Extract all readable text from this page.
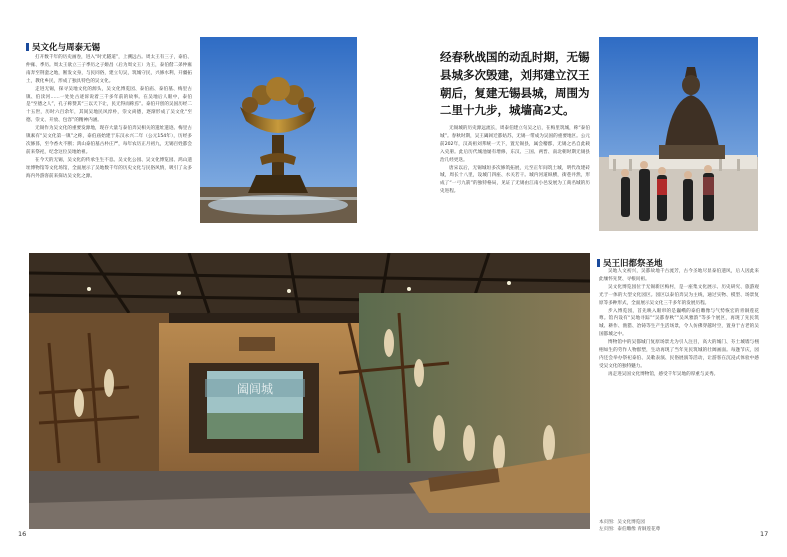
吴文化与周泰无锡
打开数千年的历史画卷，进入“时光隧道”，上溯远古。周太王有三子，泰伯、仲雍、季历。周太王欲立三子季历之子姬昌（后为周文王）为王，泰伯偕二弟仲雍南奔至荆蛮之地，断发文身，与民同俗，建立句吴，筑城守民，兴修水利，开疆拓土，教化乡民，形成了独具特色的吴文化。
走进无锡，探寻吴地文化的源头，吴文化博览园、泰伯庙、泰伯墓、梅里古镇、伯渎河……一处处古迹诉说着三千多年前的故事。在吴地后人眼中，泰伯是“至德之人”，孔子称赞其“三以天下让，民无得而称焉”。泰伯开创的吴国历经二十五世，历时六百余年，其间吴地民风淳朴，崇文尚德，逐渐形成了吴文化“至德、崇文、开放、包容”的精神内涵。
无锡作为吴文化的重要发源地，现存大量与泰伯奔吴相关的遗址遗迹。梅里古镇素有“吴文化第一镇”之称，泰伯庙始建于东汉永兴二年（公元154年），历经多次修葺，至今香火不断；鸿山泰伯墓古朴庄严，每年农历正月初九，无锡百姓都会前来祭祀，纪念这位吴地始祖。
在今天的无锡，吴文化的传承生生不息。吴文化公园、吴文化博览园、鸿山遗址博物馆等文化场馆，全面展示了吴地数千年的历史文化与民俗风情，吸引了众多海内外游客前来探访吴文化之源。
经春秋战国的动乱时期，无锡县城多次毁建，刘邦建立汉王朝后，复建无锡县城，周围为二里十九步，城墙高2丈。
无锡城的历史源远流长，周泰伯建立句吴之后，在梅里筑城，称“泰伯城”。春秋时期，吴王阖闾迁都姑苏，无锡一带成为吴国的重要地区。公元前202年，汉高祖刘邦统一天下，置无锡县，属会稽郡，无锡之名自此载入史册。此后历代城池屡有增修，东汉、三国、两晋、南北朝时期无锡县治几经更迭。
唐宋以后，无锡城垣多次修筑拓展，元至正年间筑土城，明代改建砖城，周长十八里，设城门四座、水关若干。城内河道纵横，街巷井然，形成了“一弓九箭”的独特格局，见证了无锡由江南小邑发展为工商名城的历史进程。
阖闾城
吴王旧都祭圣地
吴地人文初兴，吴都故地千古流芳，古今圣地尽显泰伯遗风，后人因此来此缅怀先贤、寻根问祖。
吴文化博览园位于无锡新区梅村，是一座集文化展示、历史研究、旅游观光于一体的大型文化园区。园区以泰伯奔吴为主线，通过实物、模型、场景复原等多种形式，全面展示吴文化三千多年的发展历程。
步入博览园，首先映入眼帘的是巍峨的泰伯雕像与气势恢宏的青铜莲花尊。馆内设有“吴地寻踪”“吴都春秋”“吴风雅韵”等多个展区，再现了先民筑城、耕作、渔猎、冶铸等生产生活场景，令人仿佛穿越时空，置身于古老的吴国都城之中。
博物馆中的吴都城门复原场景尤为引人注目，高大的城门、夯土城墙与栩栩如生的劳作人物群塑，生动再现了当年先民筑城的壮阔画面。每逢节庆，园内还会举办祭祀泰伯、吴歌表演、民俗展演等活动，让游客在沉浸式体验中感受吴文化的独特魅力。
再走进吴国文化博物馆，感受千年吴地的厚重与灵秀。
本页图：吴文化博览园
左页图：泰伯雕像 青铜莲花尊
16	17
